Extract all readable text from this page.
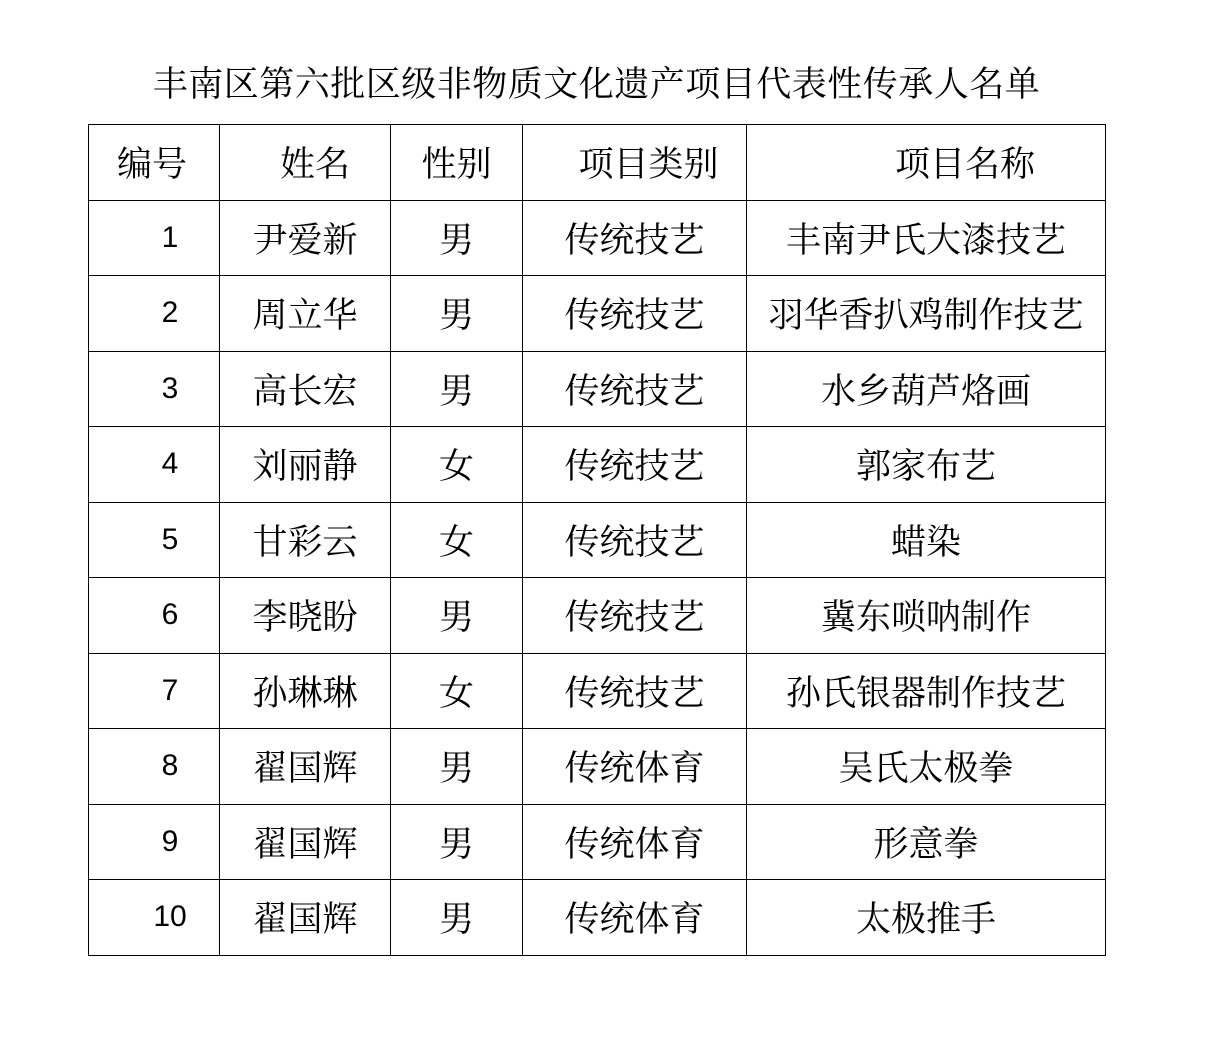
丰南区第六批区级非物质文化遗产项目代表性传承人名单
编号	姓名	性别	项目类别	项目名称
1	尹爱新	男	传统技艺	丰南尹氏大漆技艺
2	周立华	男	传统技艺	羽华香扒鸡制作技艺
3	高长宏	男	传统技艺	水乡葫芦烙画
4	刘丽静	女	传统技艺	郭家布艺
5	甘彩云	女	传统技艺	蜡染
6	李晓盼	男	传统技艺	冀东唢呐制作
7	孙琳琳	女	传统技艺	孙氏银器制作技艺
8	翟国辉	男	传统体育	吴氏太极拳
9	翟国辉	男	传统体育	形意拳
10	翟国辉	男	传统体育	太极推手
